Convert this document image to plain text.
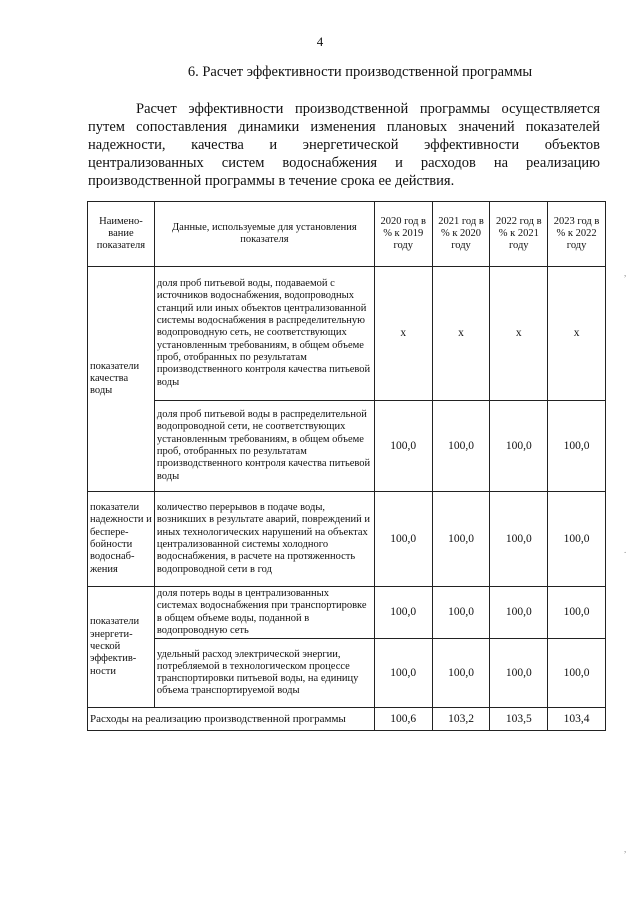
4
6. Расчет эффективности производственной программы

Расчет эффективности производственной программы осуществляется путем сопоставления динамики изменения плановых значений показателей надежности, качества и энергетической эффективности объектов централизованных систем водоснабжения и расходов на реализацию производственной программы в течение срока ее действия.

Наимено-вание показателя	Данные, используемые для установления показателя	2020 год в % к 2019 году	2021 год в % к 2020 году	2022 год в % к 2021 году	2023 год в % к 2022 году
показатели качества воды	доля проб питьевой воды, подаваемой с источников водоснабжения, водопроводных станций или иных объектов централизованной системы водоснабжения в распределительную водопроводную сеть, не соответствующих установленным требованиям, в общем объеме проб, отобранных по результатам производственного контроля качества питьевой воды	x	x	x	x
	доля проб питьевой воды в распределительной водопроводной сети, не соответствующих установленным требованиям, в общем объеме проб, отобранных по результатам производственного контроля качества питьевой воды	100,0	100,0	100,0	100,0
показатели надежности и беспере-бойности водоснаб-жения	количество перерывов в подаче воды, возникших в результате аварий, повреждений и иных технологических нарушений на объектах централизованной системы холодного водоснабжения, в расчете на протяженность водопроводной сети в год	100,0	100,0	100,0	100,0
показатели энергети-ческой эффектив-ности	доля потерь воды в централизованных системах водоснабжения при транспортировке в общем объеме воды, поданной в водопроводную сеть	100,0	100,0	100,0	100,0
	удельный расход электрической энергии, потребляемой в технологическом процессе транспортировки питьевой воды, на единицу объема транспортируемой воды	100,0	100,0	100,0	100,0
Расходы на реализацию производственной программы		100,6	103,2	103,5	103,4
,
.
,
